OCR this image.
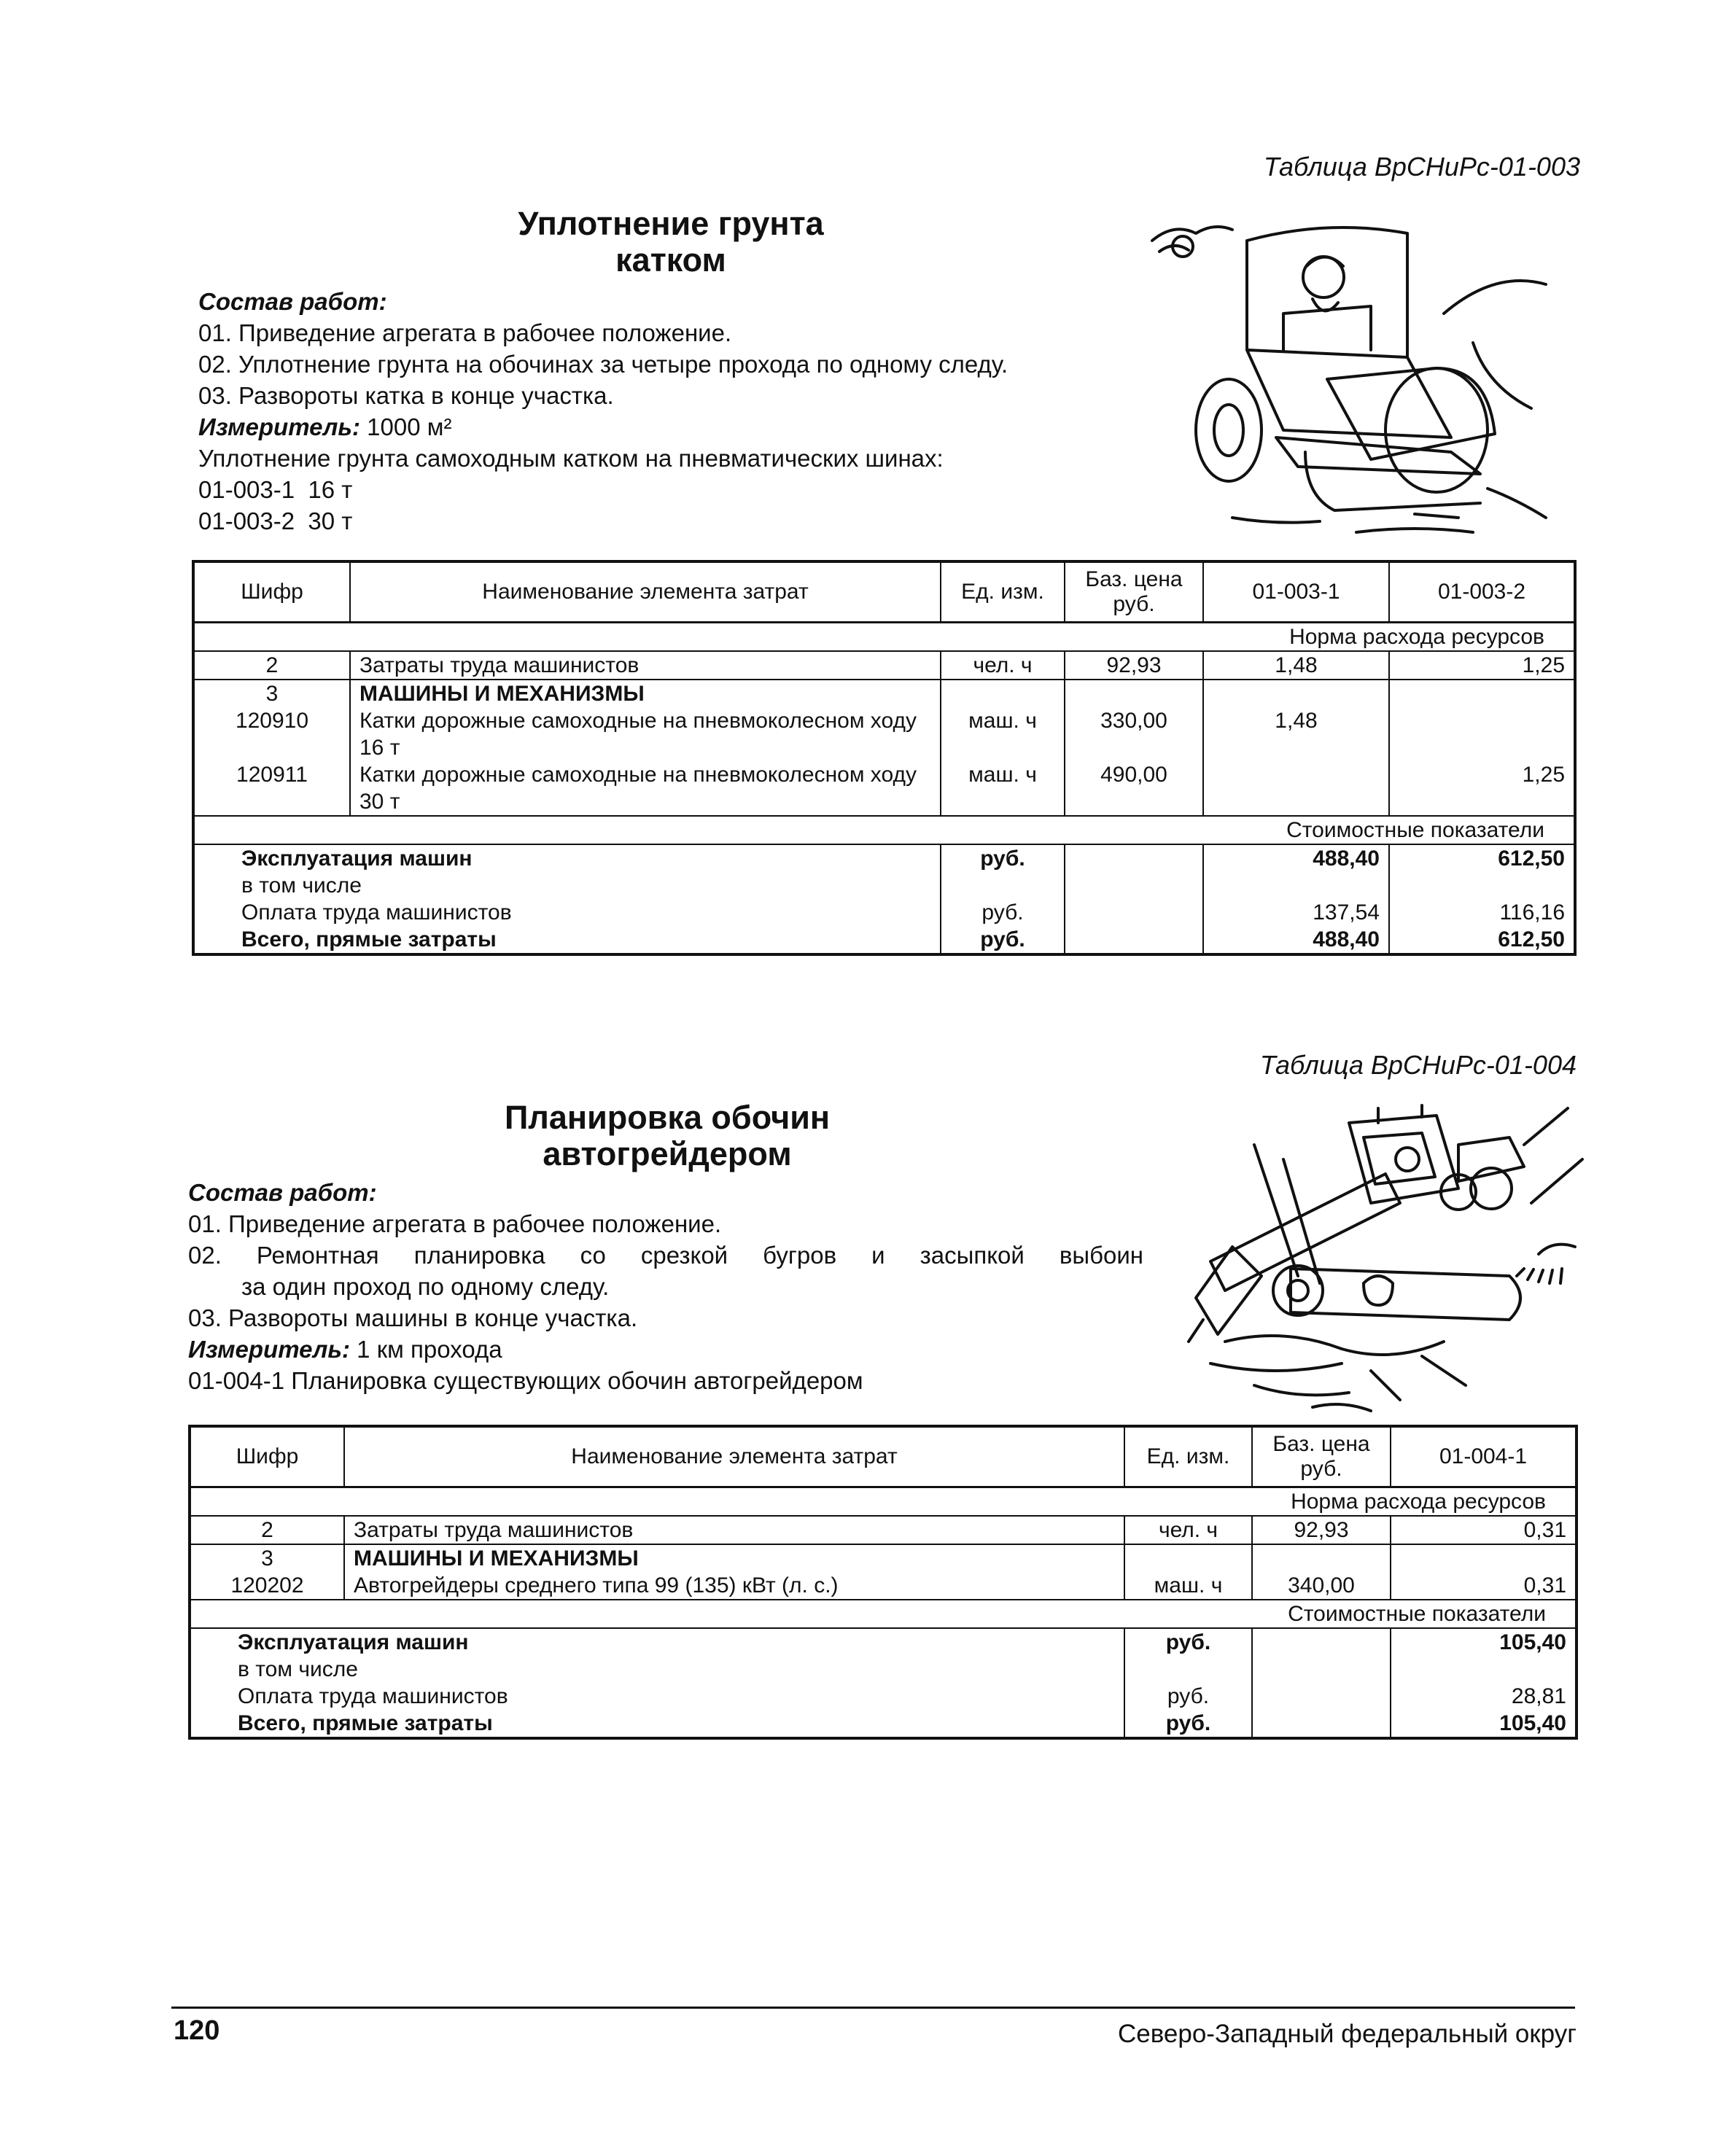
Таблица ВрСНиРс-01-003
Уплотнение грунта
катком
Состав работ:
01. Приведение агрегата в рабочее положение.
02. Уплотнение грунта на обочинах за четыре прохода по одному следу.
03. Развороты катка в конце участка.
Измеритель: 1000 м²
Уплотнение грунта самоходным катком на пневматических шинах:
01-003-1  16 т
01-003-2  30 т
Шифр	Наименование элемента затрат	Ед. изм.	Баз. цена руб.	01-003-1	01-003-2
Норма расхода ресурсов					
2	Затраты труда машинистов	чел. ч	92,93	1,48	1,25
3	МАШИНЫ И МЕХАНИЗМЫ				
120910	Катки дорожные самоходные на пневмоколесном ходу 16 т	маш. ч	330,00	1,48	
120911	Катки дорожные самоходные на пневмоколесном ходу 30 т	маш. ч	490,00		1,25
Стоимостные показатели					
Эксплуатация машин		руб.		488,40	612,50
в том числе					
Оплата труда машинистов		руб.		137,54	116,16
Всего, прямые затраты		руб.		488,40	612,50
Таблица ВрСНиРс-01-004
Планировка обочин
автогрейдером
Состав работ:
01. Приведение агрегата в рабочее положение.
02. Ремонтная планировка со срезкой бугров и засыпкой выбоин
за один проход по одному следу.
03. Развороты машины в конце участка.
Измеритель: 1 км прохода
01-004-1 Планировка существующих обочин автогрейдером
Шифр	Наименование элемента затрат	Ед. изм.	Баз. цена руб.	01-004-1
Норма расхода ресурсов				
2	Затраты труда машинистов	чел. ч	92,93	0,31
3	МАШИНЫ И МЕХАНИЗМЫ			
120202	Автогрейдеры среднего типа 99 (135) кВт (л. с.)	маш. ч	340,00	0,31
Стоимостные показатели				
Эксплуатация машин		руб.		105,40
в том числе				
Оплата труда машинистов		руб.		28,81
Всего, прямые затраты		руб.		105,40
120	Северо-Западный федеральный округ
